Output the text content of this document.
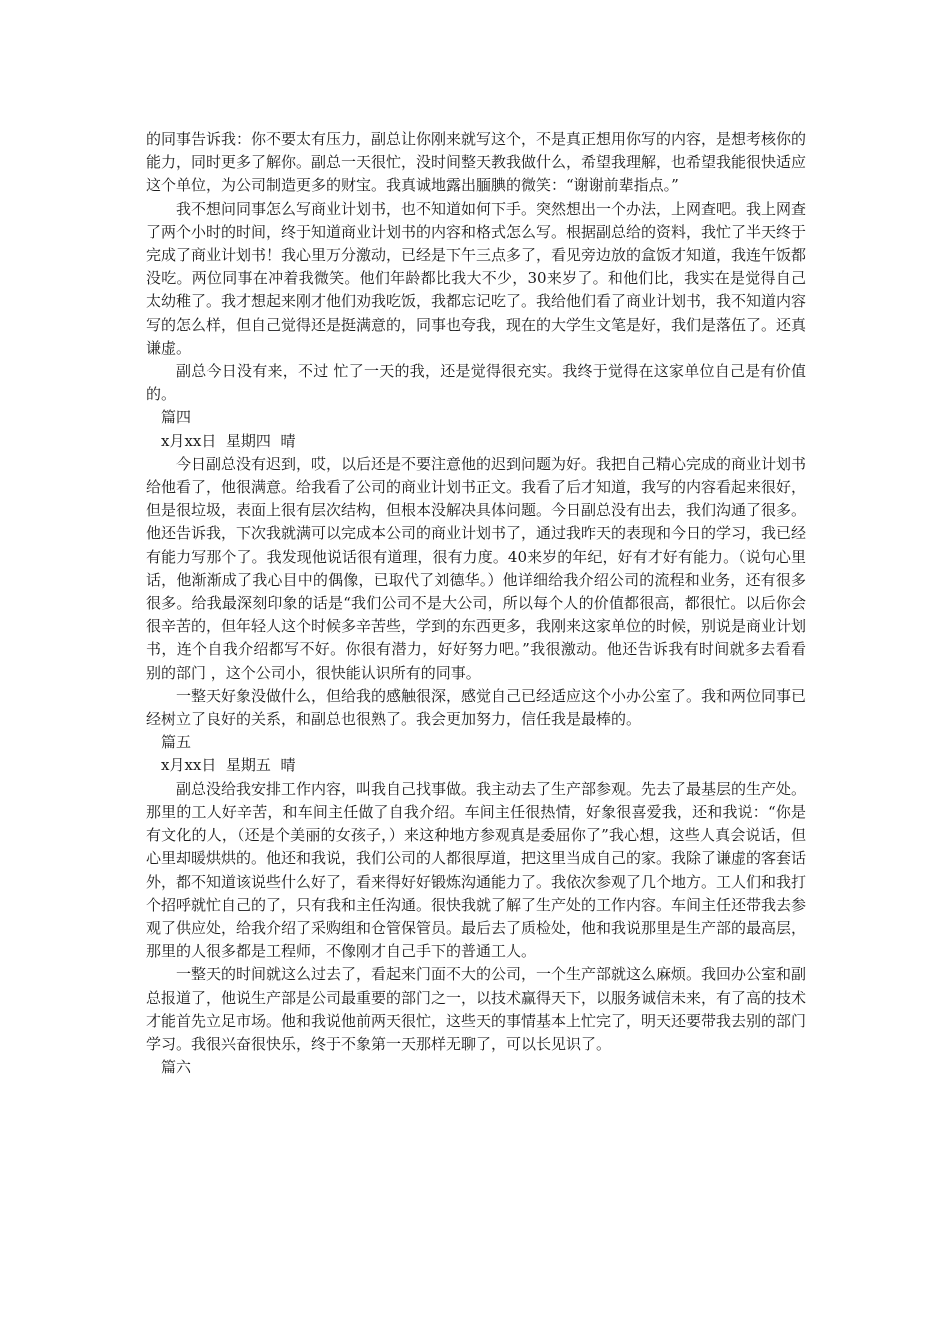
的同事告诉我：你不要太有压力，副总让你刚来就写这个，不是真正想用你写的内容，是想考核你的能力，同时更多了解你。副总一天很忙，没时间整天教我做什么，希望我理解，也希望我能很快适应这个单位，为公司制造更多的财宝。我真诚地露出腼腆的微笑：“谢谢前辈指点。”

我不想问同事怎么写商业计划书，也不知道如何下手。突然想出一个办法，上网查吧。我上网查了两个小时的时间，终于知道商业计划书的内容和格式怎么写。根据副总给的资料，我忙了半天终于完成了商业计划书！我心里万分激动，已经是下午三点多了，看见旁边放的盒饭才知道，我连午饭都没吃。两位同事在冲着我微笑。他们年龄都比我大不少，30来岁了。和他们比，我实在是觉得自己太幼稚了。我才想起来刚才他们劝我吃饭，我都忘记吃了。我给他们看了商业计划书，我不知道内容写的怎么样，但自己觉得还是挺满意的，同事也夸我，现在的大学生文笔是好，我们是落伍了。还真谦虚。

副总今日没有来，不过 忙了一天的我，还是觉得很充实。我终于觉得在这家单位自己是有价值的。

篇四

x月xx日  星期四  晴

今日副总没有迟到，哎，以后还是不要注意他的迟到问题为好。我把自己精心完成的商业计划书给他看了，他很满意。给我看了公司的商业计划书正文。我看了后才知道，我写的内容看起来很好，但是很垃圾，表面上很有层次结构，但根本没解决具体问题。今日副总没有出去，我们沟通了很多。他还告诉我，下次我就满可以完成本公司的商业计划书了，通过我昨天的表现和今日的学习，我已经有能力写那个了。我发现他说话很有道理，很有力度。40来岁的年纪，好有才好有能力。（说句心里话，他渐渐成了我心目中的偶像，已取代了刘德华。）他详细给我介绍公司的流程和业务，还有很多很多。给我最深刻印象的话是“我们公司不是大公司，所以每个人的价值都很高，都很忙。以后你会很辛苦的，但年轻人这个时候多辛苦些，学到的东西更多，我刚来这家单位的时候，别说是商业计划书，连个自我介绍都写不好。你很有潜力，好好努力吧。”我很激动。他还告诉我有时间就多去看看别的部门 ，这个公司小，很快能认识所有的同事。

一整天好象没做什么，但给我的感触很深，感觉自己已经适应这个小办公室了。我和两位同事已经树立了良好的关系，和副总也很熟了。我会更加努力，信任我是最棒的。

篇五

x月xx日  星期五  晴

副总没给我安排工作内容，叫我自己找事做。我主动去了生产部参观。先去了最基层的生产处。那里的工人好辛苦，和车间主任做了自我介绍。车间主任很热情，好象很喜爱我，还和我说：“你是有文化的人，（还是个美丽的女孩子，）来这种地方参观真是委屈你了”我心想，这些人真会说话，但心里却暖烘烘的。他还和我说，我们公司的人都很厚道，把这里当成自己的家。我除了谦虚的客套话外，都不知道该说些什么好了，看来得好好锻炼沟通能力了。我依次参观了几个地方。工人们和我打个招呼就忙自己的了，只有我和主任沟通。很快我就了解了生产处的工作内容。车间主任还带我去参观了供应处，给我介绍了采购组和仓管保管员。最后去了质检处，他和我说那里是生产部的最高层，那里的人很多都是工程师，不像刚才自己手下的普通工人。

一整天的时间就这么过去了，看起来门面不大的公司，一个生产部就这么麻烦。我回办公室和副总报道了，他说生产部是公司最重要的部门之一，以技术赢得天下，以服务诚信未来，有了高的技术才能首先立足市场。他和我说他前两天很忙，这些天的事情基本上忙完了，明天还要带我去别的部门学习。我很兴奋很快乐，终于不象第一天那样无聊了，可以长见识了。

篇六
